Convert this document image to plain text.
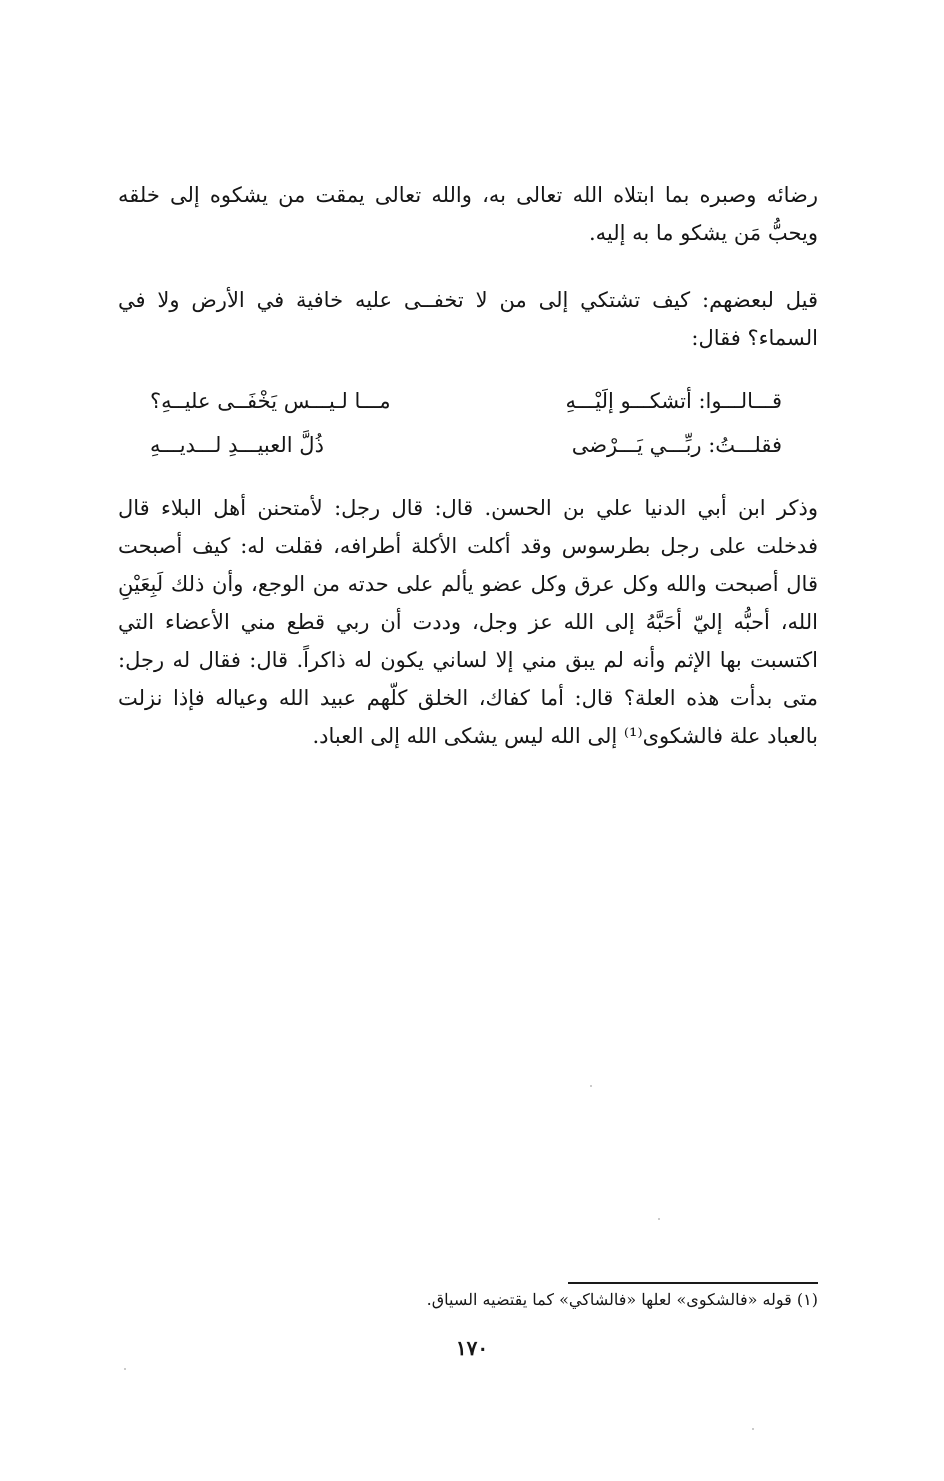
رضائه وصبره بما ابتلاه الله تعالى به، والله تعالى يمقت من يشكوه إلى خلقه ويحبُّ مَن يشكو ما به إليه.

قيل لبعضهم: كيف تشتكي إلى من لا تخفــى عليه خافية في الأرض ولا في السماء؟ فقال:

قـــالـــوا: أتشكـــو إلَيْـــهِ
مـــا لـيـــس يَخْفَــى عليــهِ؟
فقلـــتُ: ربِّـــي يَـــرْضى
ذُلَّ العبيـــدِ لـــديـــهِ

وذكر ابن أبي الدنيا علي بن الحسن. قال: قال رجل: لأمتحنن أهل البلاء قال فدخلت على رجل بطرسوس وقد أكلت الأكلة أطرافه، فقلت له: كيف أصبحت قال أصبحت والله وكل عرق وكل عضو يألم على حدته من الوجع، وأن ذلك لَبِعَيْنِ الله، أحبُّه إليّ أحَبَّهُ إلى الله عز وجل، وددت أن ربي قطع مني الأعضاء التي اكتسبت بها الإثم وأنه لم يبق مني إلا لساني يكون له ذاكراً. قال: فقال له رجل: متى بدأت هذه العلة؟ قال: أما كفاك، الخلق كلّهم عبيد الله وعياله فإذا نزلت بالعباد علة فالشكوى⁽¹⁾ إلى الله ليس يشكى الله إلى العباد.

(١) قوله «فالشكوى» لعلها «فالشاكي» كما يقتضيه السياق.

١٧٠
